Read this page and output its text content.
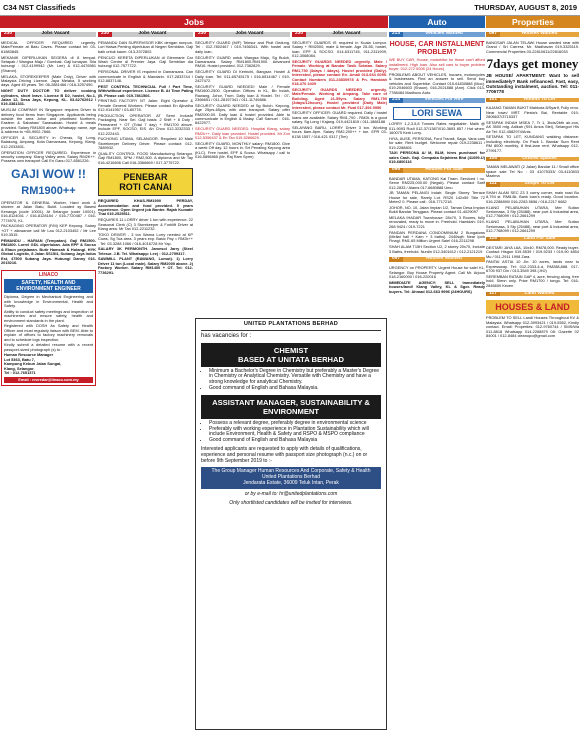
C34 NST Classifieds	THURSDAY, AUGUST 8, 2019
Jobs	Auto	Properties
230	Jobs Vacant

MEDICAL OFFICER REQUIRED urgently. Male/Female at Batu Caves. Please contact tel: 03-61883845.

MEKANIK DIPERLUKAN SEGERA di 8 tempat. Setapak / Wangsa Maju / Gombak. Gaji lumayan. Sila hubungi : 012-4199942 (Mr. Lee) & 012-4476981 (Sharon).

MELAKA, STOREKEEPER (Male Only), Driver with Malaysia Driving Licence. Jaya Melaka, 5 working days. Aged 45 years. Tel: 06-2881466 / 016-3257490.

NIGHT DUTY DOCTOR TO deliver cooking cylinders, short leave. License B D2, hostel, No.1, Jalan 12, Desa Jaya, Kepong, KL. 03-62762912 / 019-3381331.

MUSLIM COMPANY IN Singapore requires Driver to delivery food items from Singapore. Applicants being outside the area Johor and prioritised Northern, Eastern & Sabahan/ Sarawakian. Hostel & meals provided. Salary RM1800 above. Whatsapp name, age & address to +65-9002-7666.

OFFICER & SECURITY in Cheras, Sg Long, Balakong, Ampang, Kota Damansara, Kepong, Klang. 012-2033831.

OPERATION OFFICER REQUIRED. Experience in security company. Klang Valley area. Salary RM2K++. Possess own transport Call En Ganu 017-6561226.

GAJI WOW !!
RM1900++

OPERATOR & GENERAL Worker, Hard work & sincere at Jalan Batu, Bukit. Located sy Basesi Kenanga (code 10001). At Selangor (code 10001). 016-8124041 / 016-8128184 / 016-7720487 / 016-7774970, KL.

PACKAGING OPERATOR (F/M) KEP Kepong. Salary +OT + allowance call Mr Lau 012-2103452 / Mr Lee 019-3515.

PEMANDU - HARIAN (Tempatan). Gaji RM1500-RM1800. Lorrel GDL diperlukan. Ada EPF & Socso & Elaun perjalanan. Butir Hamsah & Hulangi. HYK Global Logistic, 8 Jalan SS15/4, Subang Jaya Indus Est, 47500 Subang Jaya. Hubungi Danny 016-2015216.

LINACO
SAFETY, HEALTH AND ENVIRONMENT ENGINEER

Diploma, Degree in Mechanical Engineering and with knowledge in Environmental, Health and Safety.

Ability to conduct safety meetings and inspection of machineries and ensure safety, health and environment standards in the plant.

Registered with DOSH As Safety and Health Officer and must regularly liaison with BEM. Able to explain of offices to factory machinery removals and to schedule logs inspection.

Kindly submit a detailed resume with a recent passport-sized photograph (s) to :

Human Resource Manager
Lot 5363, Batu 7,
Kampung Kebun Jalan Sungai,
Klang, Selangor.
Tel : 012-7651371

Email : nrcredar@linaco.com.my
230	Jobs Vacant

PEMANDU DAN SUPERVISOR KBK dengan rumpun. Lori Haiwa Penting diperlukan di Negeri Sembilan. Gaji baik untuk kaum. 013-3372802.

PENCUCI KERETA DIPERLUKAN di Glenmarie Car Wash Centre di Premier Jaya. Gaji Sembilan dia hubungi 012-7577722.

PERSONAL DRIVER IS required in Damansara. Can communicate in English & Mandarin. 017-2833744 / 012-8837148.

PEST CONTROL TECHNICIAL Full / Part Time, With/without experience. License B. At Time Paling (B. Please call: 019-7861566.

PRINTING FACTORY NT Jalan: Eight Operator & Female General Workers. Please contact En Ajinatha 012-9141957 / 03-80778.

PRODUCTION OPERATOR AT Semi Industri Packaging. Near Sel. Gaji basis: 2 Shift + 8 Duty : Permanent + OT (Total 7 day) + RM1700 above. Include EPF, SOCSO, EIS. Ah Choo 012-3232333 / 012-222443.

PUCHONG UTAMA, SELANGOR. Required 10 Male Storekeeper Delivery Driver. Please contact: 012-7889932.

QUALITY CONTROL FOOD Manufacturing Selangor. Gaji RM1800, SPM / RM2,500. A diploma and Mr Tay 016-4216606 Call 016-3366669 / 017-3775722.

PENEBAR
ROTI CANAI

REQUIRED KHAS-RM1900 PERDAY, Accommodation and food provided. 5 years experience. Open Urgent job Banter. Rajah Kumatir Thai 019-2525511.

REQUIRES 11 LORRY driver 1 ton with experience. 22 Seasonal Clerk (C) 3 Storekeeper & Forklift Driver at Klang area. Mr Tan 012-2211232.

TOKO DRIVER - 3 ton Warna Lorry needed at KP Cows, Sg Tua area. 3 years exp. Basic Pay = RM2k++ . Tel: 03-3288 1066 / 016-4016728 Mr Yap.

SALARY 3K PERMONTH. Jamesol Jarry (Steel Telesur. J.B. Tel. Whatsapp: Lee) : 012-2759317.

SAWMILL PLANT (RAWANG, Lumut). 1) Lorry Driver 11 ton (Local male). Salary RM2000 above. 2) Factory Worker. Salary RM1400 + OT. Tel: 012-7736291.

230	Jobs Vacant

SECURITY GUARD (M/F) Telesur and Pluit Gedung. Tel : 012-7802467 / 019-7456341. With hostel and daily loan.

SECURITY GUARD untuk Wangsa Maju, Sg Buloh, Damansara. Salary RM1800-RM1900. Advanced RM16. Hostel provided. 012-7362829.

SECURITY GUARD Di Kerinchi, Bangsar. Hostel & Daily loan. Tel: 011-65745175 / 016-6514467 / 019-2427472.

SECURITY GUARD NEEDED! Male / Female RM1600-2500. Operation Offices in KL, Bb Indah, Rawang, Johor, Trum. Daily loan & Hostel. Tel : 07-2366651 / 011-28157341 / 011-11749886.

SECURITY GUARD NEEDED at Sg Buloh. Kepong, Age 25yrs-65yrs, with own transport. Salary offer RM2000.00. Daily loan & hostel provided. Able to communicate in English & Malay. Call Samuel : 016-8422977.

SECURITY GUARD NEEDED. Hospital Klang, salary RM2k++. Daily loan provided. Hostel provided. Mr Zon 012-5356437 & En Tan 019-5286629.

SECURITY GUARD, MONTHLY salary: RM1800. Give a week Off day. 12 hours in. Srt Penaling Kepong area (KLC). Free hostel, EPF & Socso. Whatsapp / call to 016-5896865 (Mr. Raj Ram Sprm)

230	Jobs Vacant

SECURITY GUARDS IS required in Kuala Lumpur. Salary + RM2000, male & female. Age 25-55, hostel, loan. EPF & SOCSO. 014-6311745, 011-2311909, 012-3068084.

SECURITY GUARDS NEEDED urgently. Male / Female. Working at Bandar Tasik Selatan. Salary RM1,750 (3days / 4days). Hostel provided (Daily). Interested, please contact En. Amali 013-934 6095. Contact Numbers 011-23830978 & Pn. Hamidah 018-370 2409

SECURITY GUARDS NEEDED urgently. Male/Female. Working at Ampang. Take care of Building. Aged 21-55yrs. Salary RM1,750 (3days/12hours). Hostel provided (Daily Male) Interested, please contact Mr. Fizal 017-394 5950

SECURITY OFFICER: GUARD required. Daily / hostel loans are available. Salary RM1,700 - RM2k is a good salary. Sg Long / Kajang. 019-4421815 / 011-1868188

SELAYANG BARU, LORRY Driver 3 ton. Working hours 8am-8pm. Salary RM2,200++ + ton. EPR 03-6138 1557 / 016-421 0317 (Tim)

UNITED PLANTATIONS BERHAD
has vacancies for :
CHEMIST
BASED AT UNITATA BERHAD
• Minimum a Bachelor's Degree in Chemistry but preferably a Master's Degree in Chemistry or Analytical Chemistry. Versatile with Chemistry and have a strong knowledge for analytical Chemistry.
• Good command of English and Bahasa Malaysia.
ASSISTANT MANAGER, SUSTAINABILITY & ENVIRONMENT
• Possess a relevant degree, preferably degree in environmental science
• Preferably with working experience in Plantation Sustainability which will include Environment, Health & Safety and RSPO & MSPO compliance
• Good command of English and Bahasa Malaysia

Interested applicants are requested to apply with details of qualifications, experience and personal resume with passport size photograph (n.c.) on or before 9th September 2019 to :-

The Group Manager Human Resources And Corporate, Safety & Health
United Plantations Berhad
Jendarata Estate, 36009 Teluk Intan, Perak

or by e-mail to: hr@unitedplantations.com

Only shortlisted candidates will be invited for interviews.

213	Vehicles Wanted
HOUSE, CAR INSTALLMENT PROBLEM?

WE BUY CAR, House, motorbike for those can't afford installment. High loan. Also sell cars to buyer problem buyer. 012-272 0008 (24 Hours)

PROBLEMS ABOUT VEHICLES, houses, motorcycles & businesses. Find an answer to sell. Send buy vehicles and Superbike. Contact 015-61830888 (Moc). 019-2046603 (Shaun). 016-2021888 (Ann). Click 013-7788484 Madhuvu Auto.

214	Vehicles For Hire
LORI SEWA

LORRY 1,2,3,5,8 Tonnes Rates negotiable. Malik @ 011-9093 Rodi 012-37/1387/010-3693 857 / Hot when: 160075 Kerk Lorry.

HIYA, AUSE, PERSONA, Ford Transit, Saga, Vans cars for sale, Rent budget. Welcome repair 019-2238611 / 019-2288801

TAXI PERSONA A/ M, BLM, hires purchase/ for sales Cash. Gaji. Cempaka Sejahtera Bhd (41099-U) 019-6800116

095	Houses For Sale

BANDAR UTAMA, KATONG Kai Tiram. Serviced / no. Serve RM225,000.00 (Negsk). Please contact Sarif 012-2833 / Alams 017-6680888 Umu

JB TAMAN PELANGI Indah: Single Storey Terrace House for sale, Rarely Lot. RS20 142x59 Title 72 Meter2 0. Please call : 016-7717218.

JOHOR, NO. 10, Jalan Impian 1/2, Taman Desa Impian Bukit Bandar Tenggara. Please contact 01-4029097

MELAKA IHADAR Townhouse: 28x70, 3 Rooms, fully renovated, ready to move in. Freehold. Hamidah: 019-268 9424 / 019-7221

PANDAN PERDANA CONDOMINIUM 2 Bungalows (Mellat hall + Kam + 3 baths). 2440sqft. Near Ipoh Finagi. RM1.65 Million Urgent Sale! 016-2211298

SHAH ALAM T15H Section U2, 2 storey 20x70, Include 3 Baths, freehold. Nurdin 012-3401612 / 012-2121219

097	Houses Wanted

URGENCY on PROPERTY. Urgent House for sale! KL, Selangor. Buy House Property Agent. Call Mr. Arjoun 018-2160000 / 016-220016

IMMEDIATE AGENCY: SELL Immediately houses/land! Klang Valley, KL & Sgor. Ready buyers. Tel: Ahmad 012-663 9996 (24HOURS)

097	Houses Wanted

BANGSAR JALAN TELAWI House wanted near with Grand / Sri Carrera. Mr. Madhavan 019-3325119. Commercial Properties 03-22810611/22816033

7days get money

JB HOUSE/ APARTMENT: Want to sell immediately? Bank refinanced. Fast, easy, Outstanding instalment, auction. Tel: 011-7706778

101	Rooms To Let

KAJANG TAMAN BUKIT Mahkota 8/Syarif, Fully reno. Near town/ MRT. Fiesta's Bai, Rentable 019-2806637/3715337

SETAPAK INDAH MSEA 7, Tr 1, 3bds/2bth air-con, AK 3500 mtg. Adikah (S91 Amos Stel), Selangor/ Hls Air Tel: 012-4582974/Anis.

SETAPAK TO LET, KUNDANG wakking distance: Including electricity. On Pack 1. Bandar Sum Rent RM 8000 monthly, 8 first-lane rent. Whatsapp 012-2799177.

105	Offices Spaces

TAMAN MELAWATI (2 Jalan) Bandar 11 / Small office space sale Tel No : 03 41075333/ 03-4110833 Mazima

111	Shops To Let

SHAH ALAM SEC 23 3 corny corner, main road Bu 8,794 sf. RM8.8k. Bank loan's ready. Good location. 016-2288890/ 016-2283 5656 / 016-2217 6682

KLANG PELABUHAN UTARA, Mer Sutlan Seriomasa, 3 Sty (25488), near port & industrial area, 012-7768099 / 012-2661299

KLANG PELABUHAN UTARA, Mer Sutlan Seriomasa, 3 Sty (25488), near port & industrial area, 012-7768099 / 012-2661299

115	Land For Sale

DESTARI JAYA L6A, 10x40, RM78,000. Ready buyer. Contact Hisgon 019-5539 / 019-9233 / 019-90 4854 Mu / 011-2911 1998 Zara.

PANTAI ASTIA 10 Jln: 10 acres, lands near to Expressway. Tel: 012-2333-4-d, RM288,888. 017-6705 937 Din / 013-3549 398 (JHJ)

SEREMBAN RATAIN GAP 4, acre, fencing along, free hold. Sienn only. Price RM1700 / tongo. Tel: 016-2846600 Keven

117	Land Wanted
HOUSES & LAND

PROBLEM TO SELL Land/ Houses Throughout KV & Malaysia. Whatsapp 012-3993421 / 019-5552, Kindly contact. Email: Properties: 012-9760744 / SMS/Wa 011-8818 Whatsapp 014-2268879 08: Gazette 02 84001 / 012-8484 cleanupo@gmail.com
